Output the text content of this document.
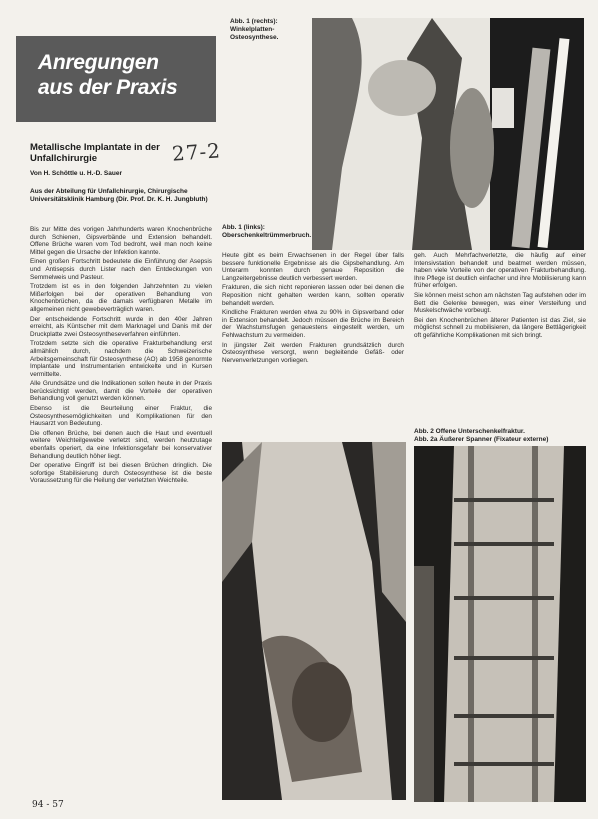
Anregungen
aus der Praxis
Metallische Implantate in der Unfallchirurgie	27-2
Von H. Schöttle u. H.-D. Sauer
Aus der Abteilung für Unfallchirurgie, Chirurgische Universitätsklinik Hamburg (Dir. Prof. Dr. K. H. Jungbluth)
Abb. 1 (rechts): Winkelplatten-Osteosynthese.
Abb. 1 (links): Oberschenkeltrümmerbruch.

Bis zur Mitte des vorigen Jahrhunderts waren Knochenbrüche durch Schienen, Gipsverbände und Extension behandelt. Offene Brüche waren vom Tod bedroht, weil man noch keine Mittel gegen die Ursache der Infektion kannte.

Einen großen Fortschritt bedeutete die Einführung der Asepsis und Antisepsis durch Lister nach den Entdeckungen von Semmelweis und Pasteur.

Trotzdem ist es in den folgenden Jahrzehnten zu vielen Mißerfolgen bei der operativen Behandlung von Knochenbrüchen, da die damals verfügbaren Metalle im allgemeinen nicht gewebeverträglich waren.

Der entscheidende Fortschritt wurde in den 40er Jahren erreicht, als Küntscher mit dem Marknagel und Danis mit der Druckplatte zwei Osteosyntheseverfahren einführten.

Trotzdem setzte sich die operative Frakturbehandlung erst allmählich durch, nachdem die Schweizerische Arbeitsgemeinschaft für Osteosynthese (AO) ab 1958 genormte Implantate und Instrumentarien entwickelte und in Kursen vermittelte.

Alle Grundsätze und die Indikationen sollen heute in der Praxis berücksichtigt werden, damit die Vorteile der operativen Behandlung voll genutzt werden können.

Ebenso ist die Beurteilung einer Fraktur, die Osteosynthesemöglichkeiten und Komplikationen für den Hausarzt von Bedeutung.

Die offenen Brüche, bei denen auch die Haut und eventuell weitere Weichteilgewebe verletzt sind, werden heutzutage ebenfalls operiert, da eine Infektionsgefahr bei konservativer Behandlung deutlich höher liegt.

Der operative Eingriff ist bei diesen Brüchen dringlich. Die sofortige Stabilisierung durch Osteosynthese ist die beste Voraussetzung für die Heilung der verletzten Weichteile.

Heute gibt es beim Erwachsenen in der Regel über falls bessere funktionelle Ergebnisse als die Gipsbehandlung. Am Unterarm konnten durch genaue Reposition die Langzeitergebnisse deutlich verbessert werden.

Frakturen, die sich nicht reponieren lassen oder bei denen die Reposition nicht gehalten werden kann, sollten operativ behandelt werden.

Kindliche Frakturen werden etwa zu 90% in Gipsverband oder in Extension behandelt. Jedoch müssen die Brüche im Bereich der Wachstumsfugen genauestens eingestellt werden, um Fehlwachstum zu vermeiden.

In jüngster Zeit werden Frakturen grundsätzlich durch Osteosynthese versorgt, wenn begleitende Gefäß- oder Nervenverletzungen vorliegen.

geh. Auch Mehrfachverletzte, die häufig auf einer Intensivstation behandelt und beatmet werden müssen, haben viele Vorteile von der operativen Frakturbehandlung. Ihre Pflege ist deutlich einfacher und ihre Mobilisierung kann früher erfolgen.

Sie können meist schon am nächsten Tag aufstehen oder im Bett die Gelenke bewegen, was einer Versteifung und Muskelschwäche vorbeugt.

Bei den Knochenbrüchen älterer Patienten ist das Ziel, sie möglichst schnell zu mobilisieren, da längere Bettlägerigkeit oft gefährliche Komplikationen mit sich bringt.

Abb. 2 Offene Unterschenkelfraktur.
Abb. 2a Äußerer Spanner (Fixateur externe)
94 - 57
